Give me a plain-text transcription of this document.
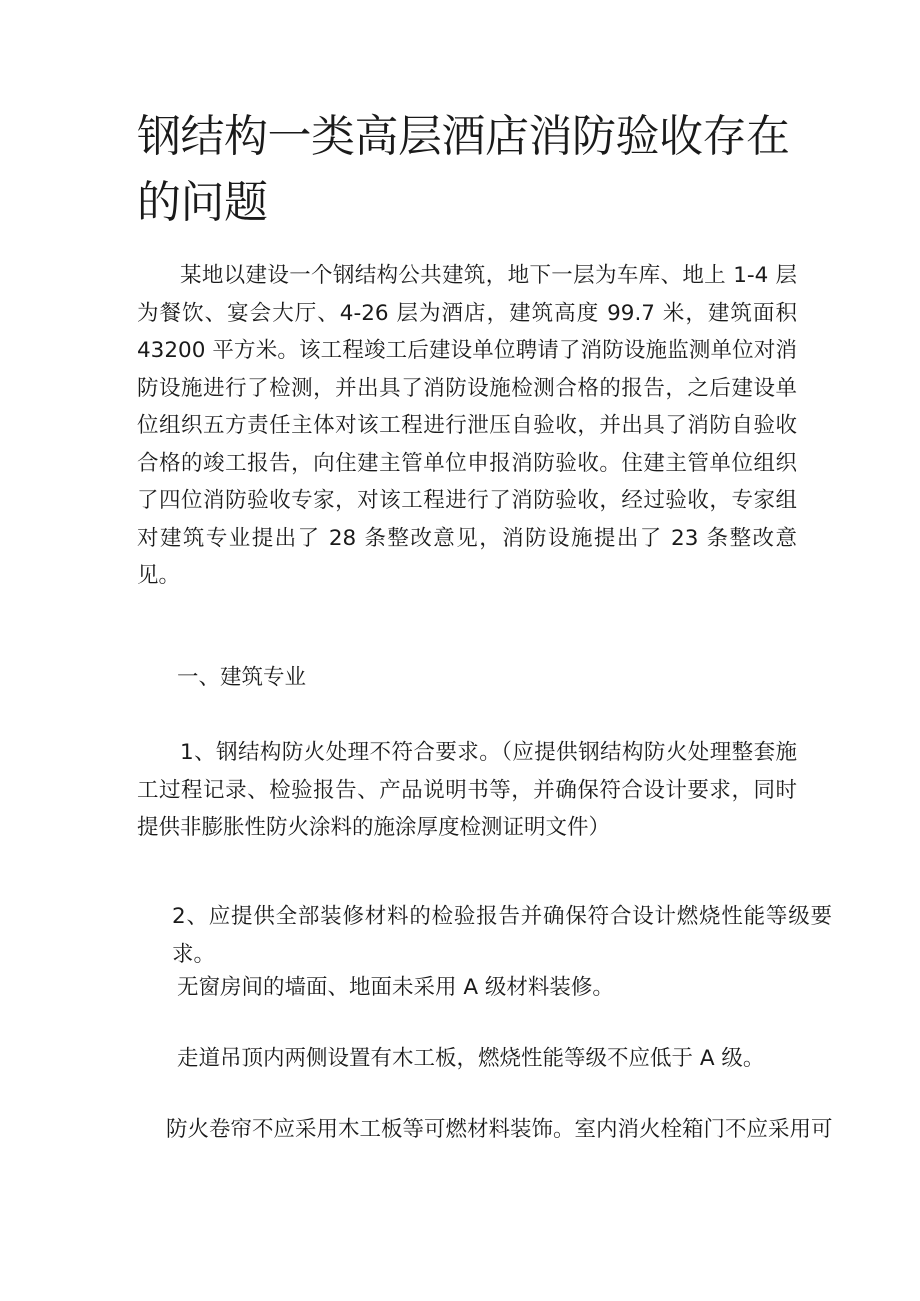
钢结构一类高层酒店消防验收存在的问题

某地以建设一个钢结构公共建筑，地下一层为车库、地上 1-4 层为餐饮、宴会大厅、4-26 层为酒店，建筑高度 99.7 米，建筑面积 43200 平方米。该工程竣工后建设单位聘请了消防设施监测单位对消防设施进行了检测，并出具了消防设施检测合格的报告，之后建设单位组织五方责任主体对该工程进行泄压自验收，并出具了消防自验收合格的竣工报告，向住建主管单位申报消防验收。住建主管单位组织了四位消防验收专家，对该工程进行了消防验收，经过验收，专家组对建筑专业提出了 28 条整改意见，消防设施提出了 23 条整改意见。

一、建筑专业

1、钢结构防火处理不符合要求。（应提供钢结构防火处理整套施工过程记录、检验报告、产品说明书等，并确保符合设计要求，同时提供非膨胀性防火涂料的施涂厚度检测证明文件）

2、应提供全部装修材料的检验报告并确保符合设计燃烧性能等级要求。

无窗房间的墙面、地面未采用 A 级材料装修。

走道吊顶内两侧设置有木工板，燃烧性能等级不应低于 A 级。

防火卷帘不应采用木工板等可燃材料装饰。室内消火栓箱门不应采用可
